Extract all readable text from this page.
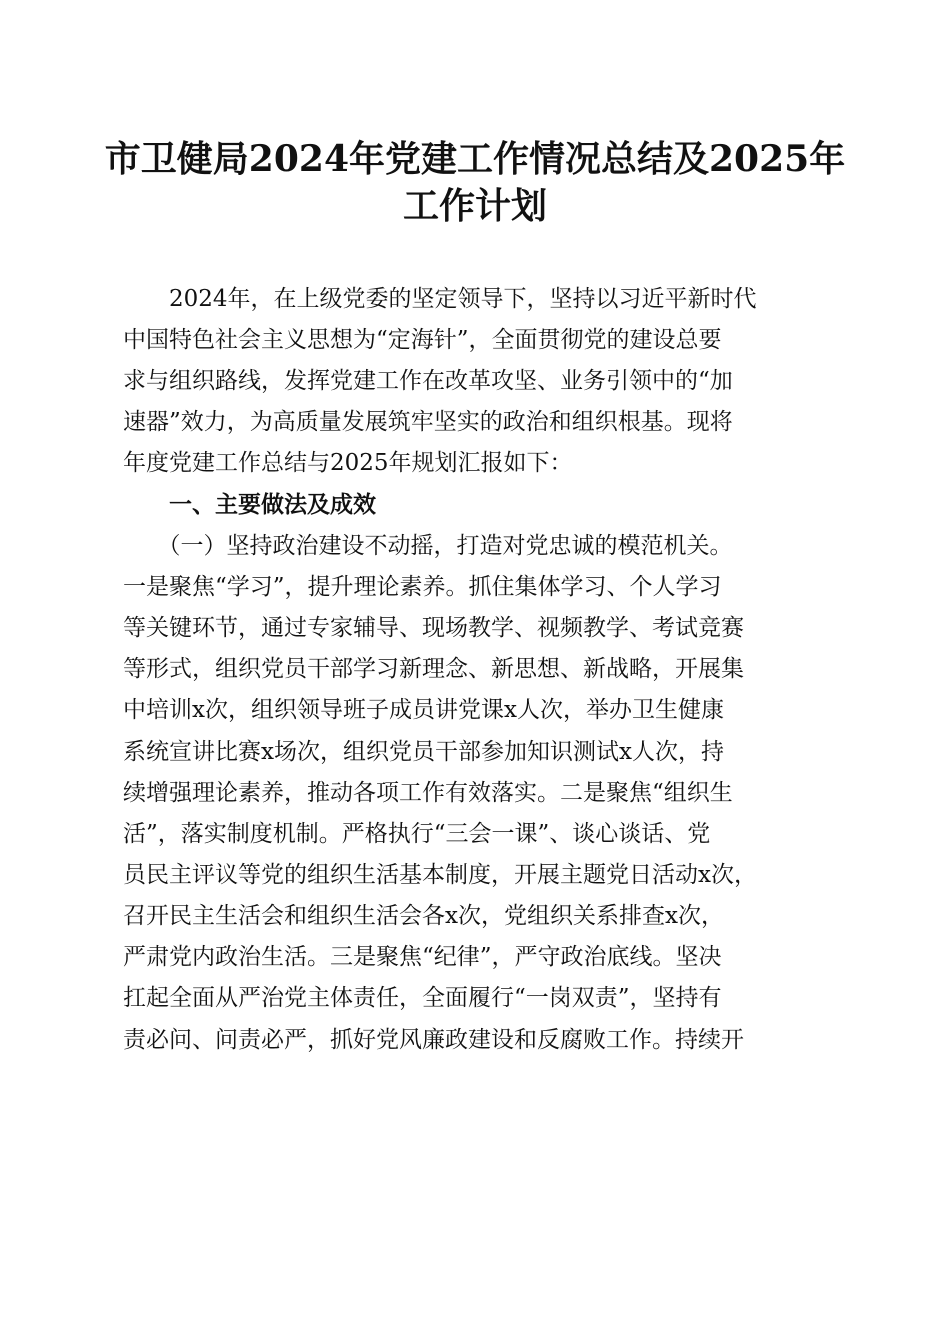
市卫健局2024年党建工作情况总结及2025年
工作计划
　　2024年，在上级党委的坚定领导下，坚持以习近平新时代
中国特色社会主义思想为“定海针”，全面贯彻党的建设总要
求与组织路线，发挥党建工作在改革攻坚、业务引领中的“加
速器”效力，为高质量发展筑牢坚实的政治和组织根基。现将
年度党建工作总结与2025年规划汇报如下：
　　一、主要做法及成效
　　（一）坚持政治建设不动摇，打造对党忠诚的模范机关。
一是聚焦“学习”，提升理论素养。抓住集体学习、个人学习
等关键环节，通过专家辅导、现场教学、视频教学、考试竞赛
等形式，组织党员干部学习新理念、新思想、新战略，开展集
中培训x次，组织领导班子成员讲党课x人次，举办卫生健康
系统宣讲比赛x场次，组织党员干部参加知识测试x人次，持
续增强理论素养，推动各项工作有效落实。二是聚焦“组织生
活”，落实制度机制。严格执行“三会一课”、谈心谈话、党
员民主评议等党的组织生活基本制度，开展主题党日活动x次，
召开民主生活会和组织生活会各x次，党组织关系排查x次，
严肃党内政治生活。三是聚焦“纪律”，严守政治底线。坚决
扛起全面从严治党主体责任，全面履行“一岗双责”，坚持有
责必问、问责必严，抓好党风廉政建设和反腐败工作。持续开
